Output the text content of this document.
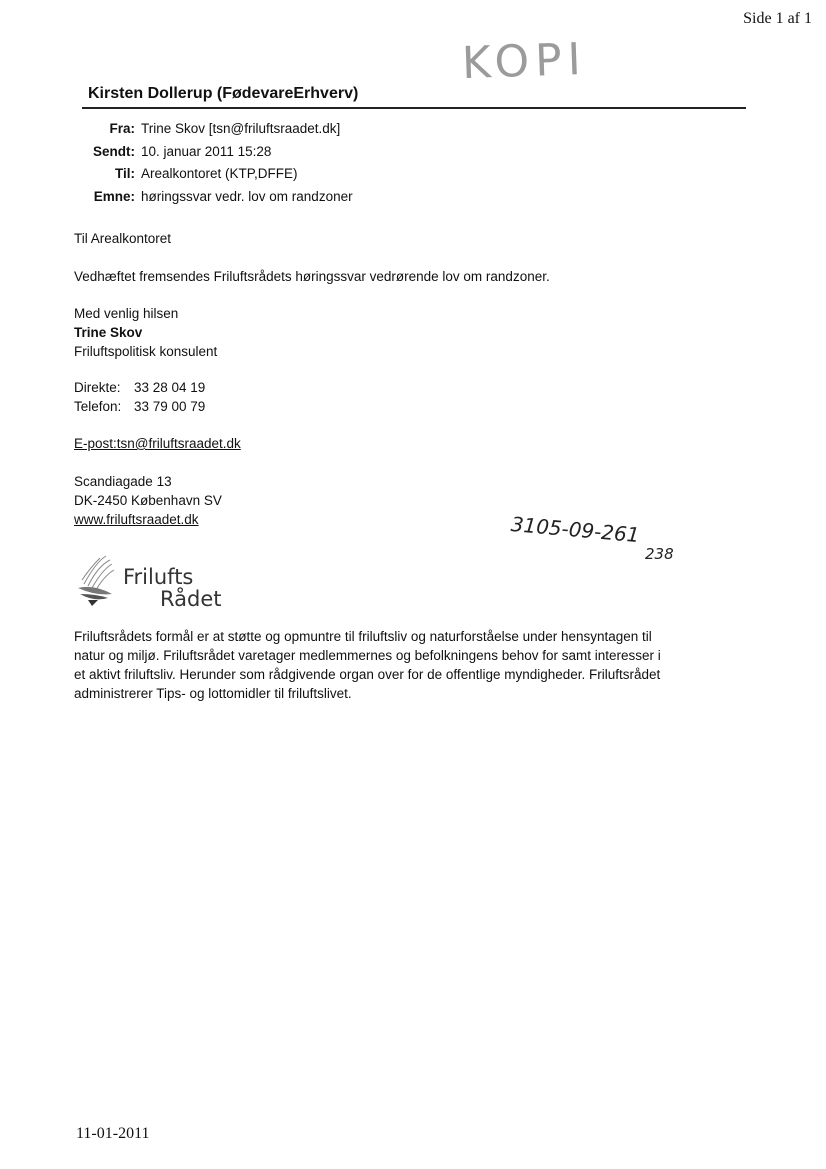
Side 1 af 1
KOPI
Kirsten Dollerup (FødevareErhverv)
Fra: Trine Skov [tsn@friluftsraadet.dk]
Sendt: 10. januar 2011 15:28
Til: Arealkontoret (KTP,DFFE)
Emne: høringssvar vedr. lov om randzoner
Til Arealkontoret
Vedhæftet fremsendes Friluftsrådets høringssvar vedrørende lov om randzoner.
Med venlig hilsen
Trine Skov
Friluftspolitisk konsulent
Direkte: 33 28 04 19
Telefon: 33 79 00 79
E-post:tsn@friluftsraadet.dk
Scandiagade 13
DK-2450 København SV
www.friluftsraadet.dk	3105-09-261
238
Frilufts
Rådet
Friluftsrådets formål er at støtte og opmuntre til friluftsliv og naturforståelse under hensyntagen til
natur og miljø. Friluftsrådet varetager medlemmernes og befolkningens behov for samt interesser i
et aktivt friluftsliv. Herunder som rådgivende organ over for de offentlige myndigheder. Friluftsrådet
administrerer Tips- og lottomidler til friluftslivet.
11-01-2011
